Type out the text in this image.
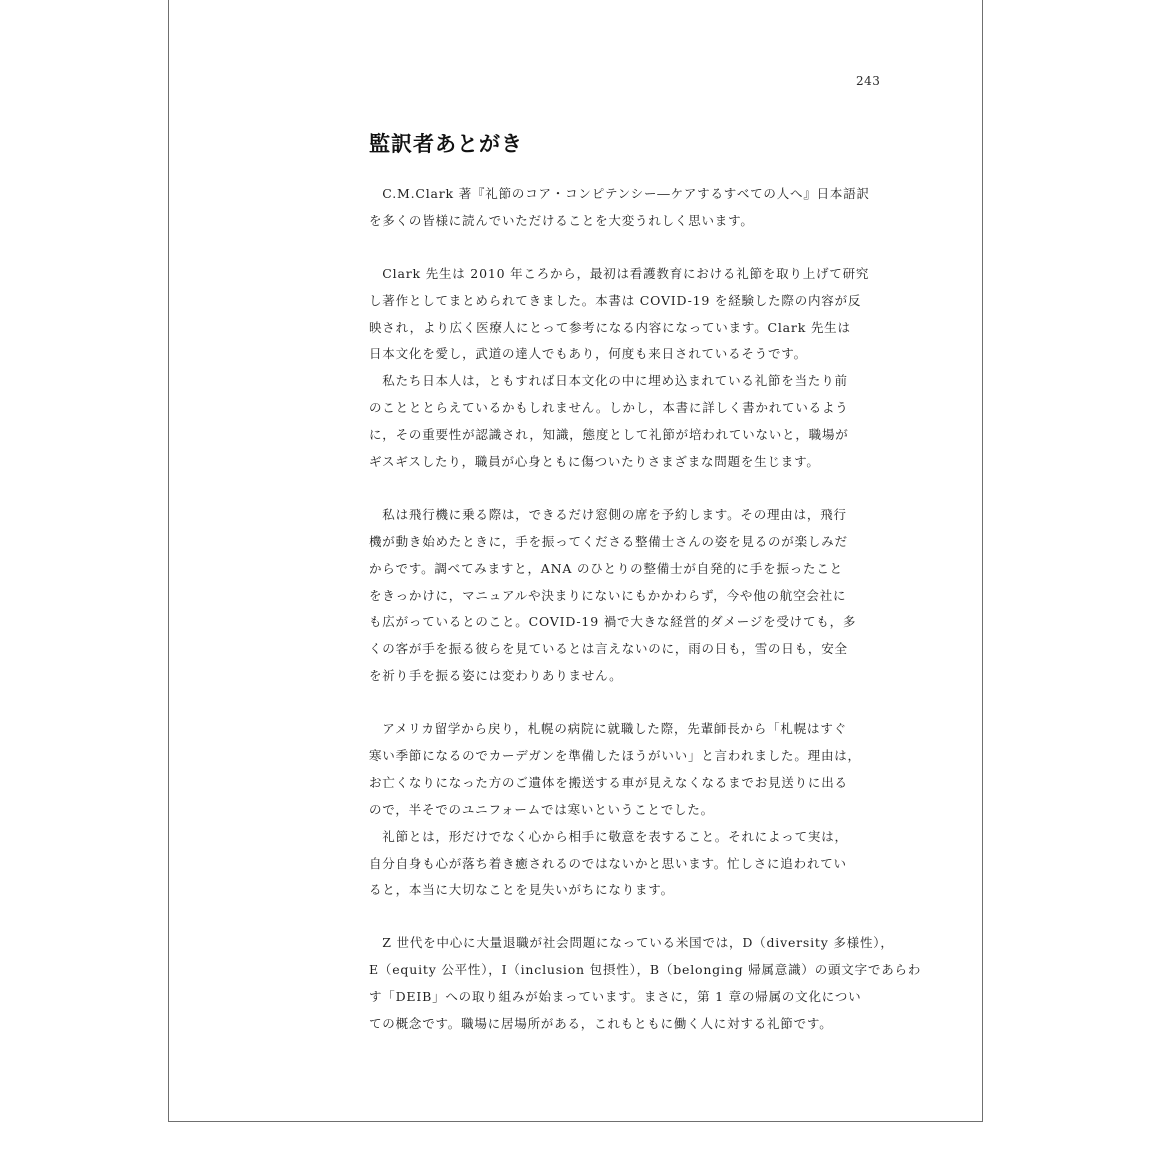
243
監訳者あとがき
　C.M.Clark 著『礼節のコア・コンピテンシー―ケアするすべての人へ』日本語訳
を多くの皆様に読んでいただけることを大変うれしく思います。
　Clark 先生は 2010 年ころから，最初は看護教育における礼節を取り上げて研究
し著作としてまとめられてきました。本書は COVID-19 を経験した際の内容が反
映され，より広く医療人にとって参考になる内容になっています。Clark 先生は
日本文化を愛し，武道の達人でもあり，何度も来日されているそうです。
　私たち日本人は，ともすれば日本文化の中に埋め込まれている礼節を当たり前
のことととらえているかもしれません。しかし，本書に詳しく書かれているよう
に，その重要性が認識され，知識，態度として礼節が培われていないと，職場が
ギスギスしたり，職員が心身ともに傷ついたりさまざまな問題を生じます。
　私は飛行機に乗る際は，できるだけ窓側の席を予約します。その理由は，飛行
機が動き始めたときに，手を振ってくださる整備士さんの姿を見るのが楽しみだ
からです。調べてみますと，ANA のひとりの整備士が自発的に手を振ったこと
をきっかけに，マニュアルや決まりにないにもかかわらず，今や他の航空会社に
も広がっているとのこと。COVID-19 禍で大きな経営的ダメージを受けても，多
くの客が手を振る彼らを見ているとは言えないのに，雨の日も，雪の日も，安全
を祈り手を振る姿には変わりありません。
　アメリカ留学から戻り，札幌の病院に就職した際，先輩師長から「札幌はすぐ
寒い季節になるのでカーデガンを準備したほうがいい」と言われました。理由は，
お亡くなりになった方のご遺体を搬送する車が見えなくなるまでお見送りに出る
ので，半そでのユニフォームでは寒いということでした。
　礼節とは，形だけでなく心から相手に敬意を表すること。それによって実は，
自分自身も心が落ち着き癒されるのではないかと思います。忙しさに追われてい
ると，本当に大切なことを見失いがちになります。
　Z 世代を中心に大量退職が社会問題になっている米国では，D（diversity 多様性），
E（equity 公平性），I（inclusion 包摂性），B（belonging 帰属意識）の頭文字であらわ
す「DEIB」への取り組みが始まっています。まさに，第 1 章の帰属の文化につい
ての概念です。職場に居場所がある，これもともに働く人に対する礼節です。
